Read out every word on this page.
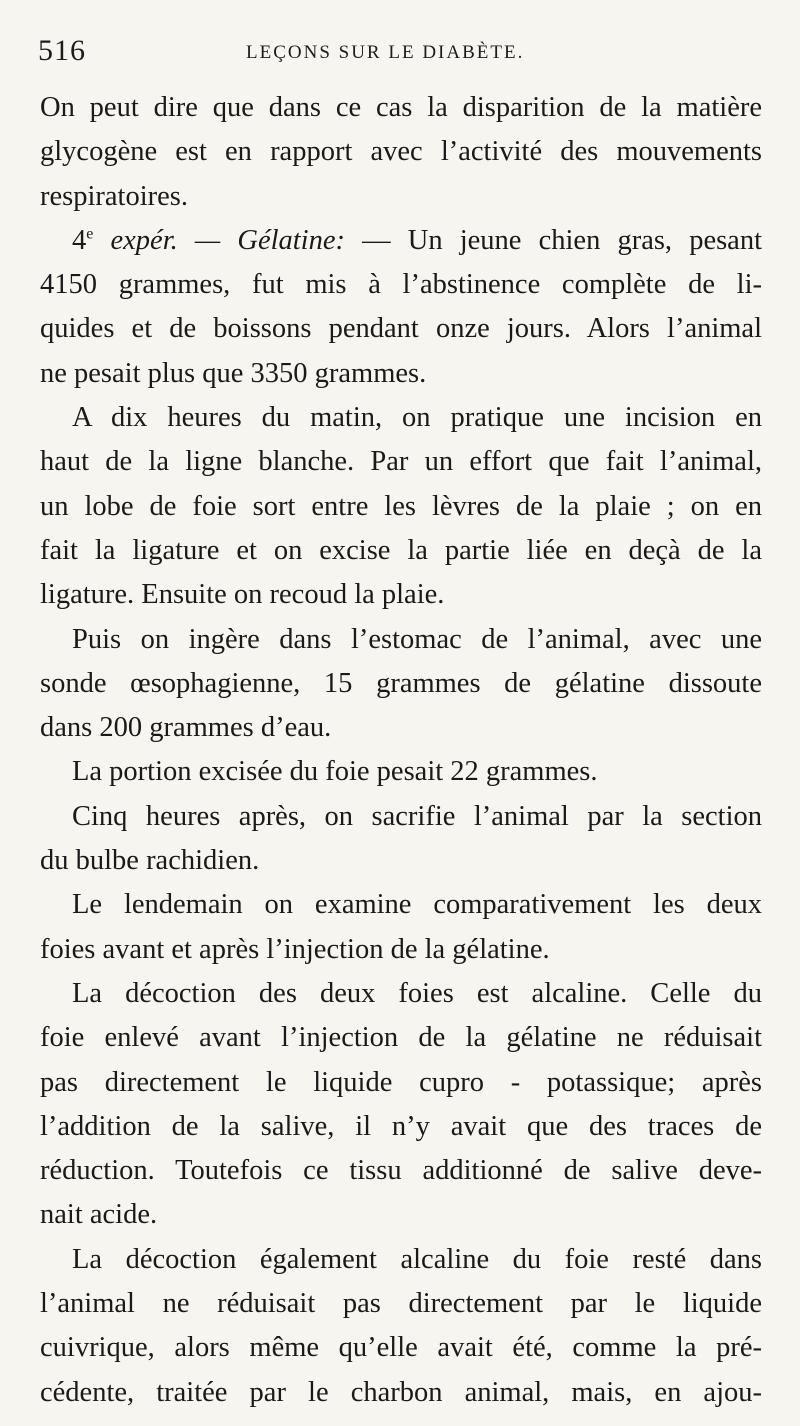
516	LEÇONS SUR LE DIABÈTE.
On peut dire que dans ce cas la disparition de la matière
glycogène est en rapport avec l’activité des mouvements
respiratoires.
4e expér. — Gélatine: — Un jeune chien gras, pesant
4150 grammes, fut mis à l’abstinence complète de li-
quides et de boissons pendant onze jours. Alors l’animal
ne pesait plus que 3350 grammes.
A dix heures du matin, on pratique une incision en
haut de la ligne blanche. Par un effort que fait l’animal,
un lobe de foie sort entre les lèvres de la plaie ; on en
fait la ligature et on excise la partie liée en deçà de la
ligature. Ensuite on recoud la plaie.
Puis on ingère dans l’estomac de l’animal, avec une
sonde œsophagienne, 15 grammes de gélatine dissoute
dans 200 grammes d’eau.
La portion excisée du foie pesait 22 grammes.
Cinq heures après, on sacrifie l’animal par la section
du bulbe rachidien.
Le lendemain on examine comparativement les deux
foies avant et après l’injection de la gélatine.
La décoction des deux foies est alcaline. Celle du
foie enlevé avant l’injection de la gélatine ne réduisait
pas directement le liquide cupro - potassique; après
l’addition de la salive, il n’y avait que des traces de
réduction. Toutefois ce tissu additionné de salive deve-
nait acide.
La décoction également alcaline du foie resté dans
l’animal ne réduisait pas directement par le liquide
cuivrique, alors même qu’elle avait été, comme la pré-
cédente, traitée par le charbon animal, mais, en ajou-
